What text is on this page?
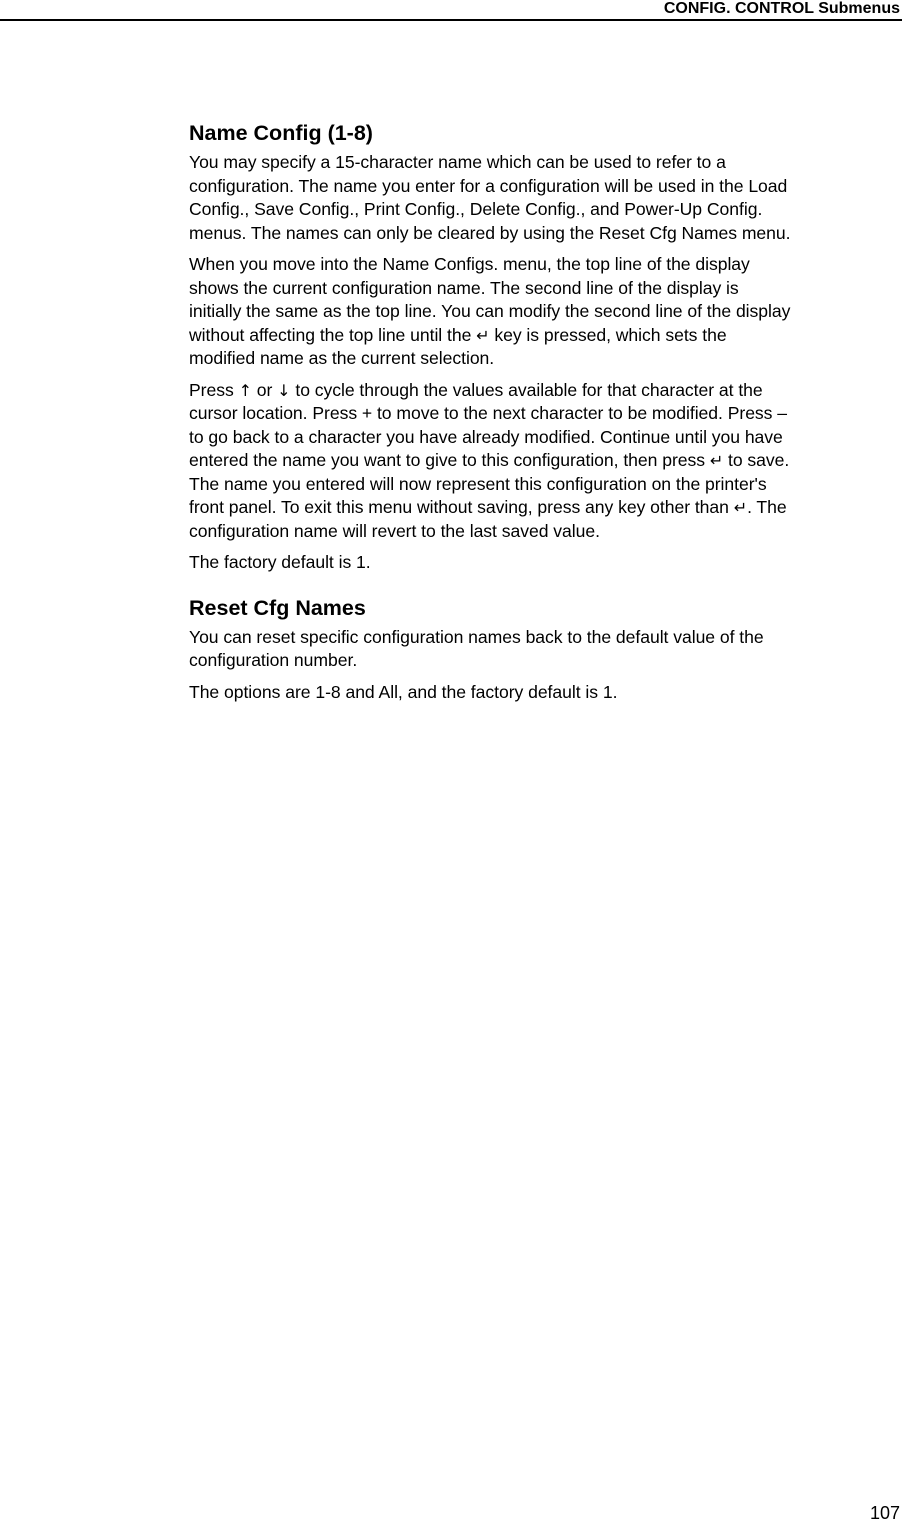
CONFIG. CONTROL Submenus
Name Config (1-8)

You may specify a 15-character name which can be used to refer to a
configuration. The name you enter for a configuration will be used in the Load
Config., Save Config., Print Config., Delete Config., and Power-Up Config.
menus. The names can only be cleared by using the Reset Cfg Names menu.

When you move into the Name Configs. menu, the top line of the display
shows the current configuration name. The second line of the display is
initially the same as the top line. You can modify the second line of the display
without affecting the top line until the ↵ key is pressed, which sets the
modified name as the current selection.

Press ↑ or ↓ to cycle through the values available for that character at the
cursor location. Press + to move to the next character to be modified. Press –
to go back to a character you have already modified. Continue until you have
entered the name you want to give to this configuration, then press ↵ to save.
The name you entered will now represent this configuration on the printer's
front panel. To exit this menu without saving, press any key other than ↵. The
configuration name will revert to the last saved value.

The factory default is 1.

Reset Cfg Names

You can reset specific configuration names back to the default value of the
configuration number.

The options are 1-8 and All, and the factory default is 1.

107
